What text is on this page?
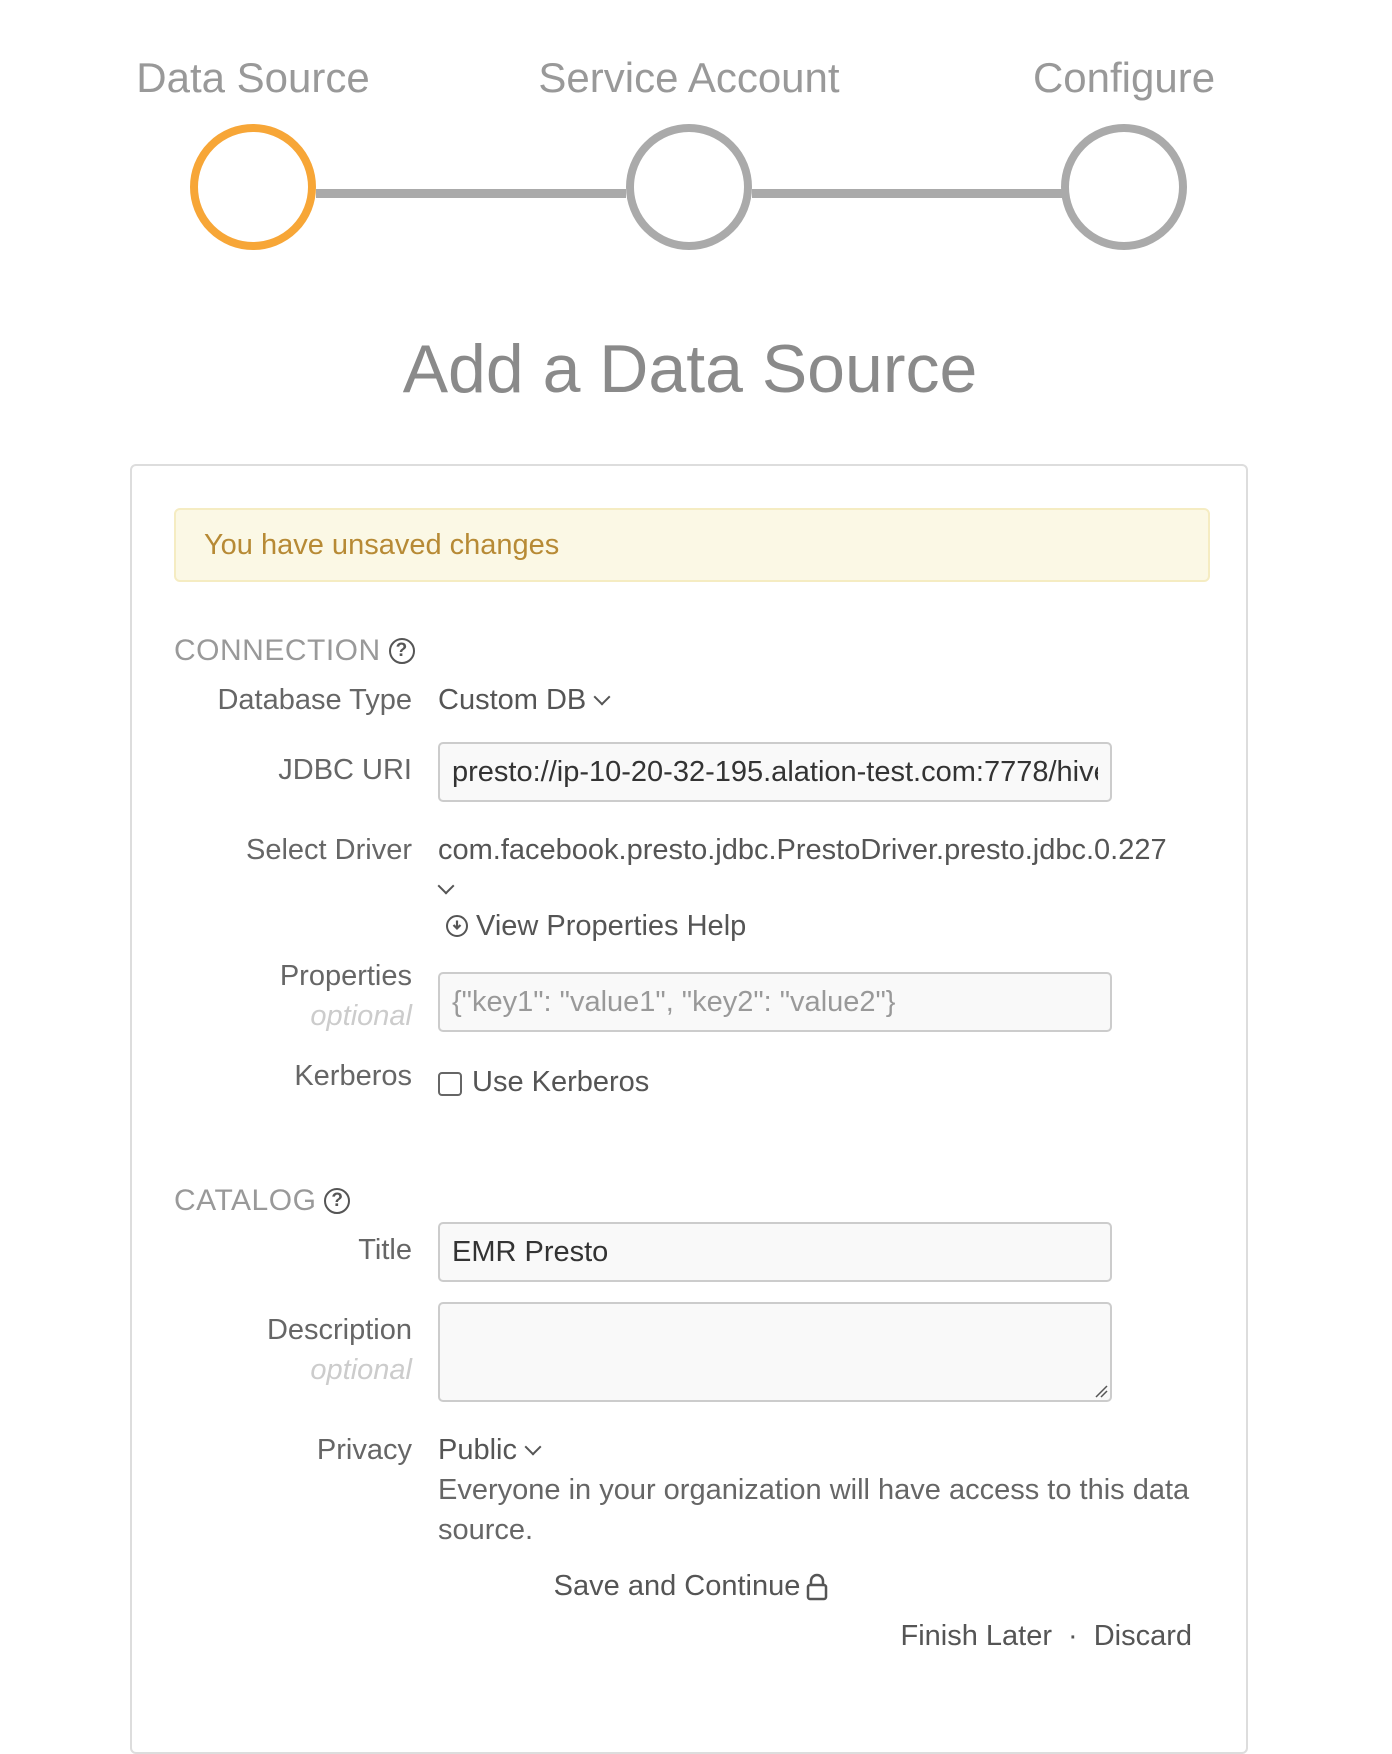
Data Source	Service Account	Configure
Add a Data Source
You have unsaved changes
CONNECTION ?
Database Type Custom DB
JDBC URI
presto://ip-10-20-32-195.alation-test.com:7778/hive
Select Driver com.facebook.presto.jdbc.PrestoDriver.presto.jdbc.0.227
View Properties Help
Properties
optional
{"key1": "value1", "key2": "value2"}
Kerberos Use Kerberos
CATALOG ?
Title
EMR Presto
Description
optional
Privacy Public
Everyone in your organization will have access to this data source.
Save and Continue
Finish Later · Discard
